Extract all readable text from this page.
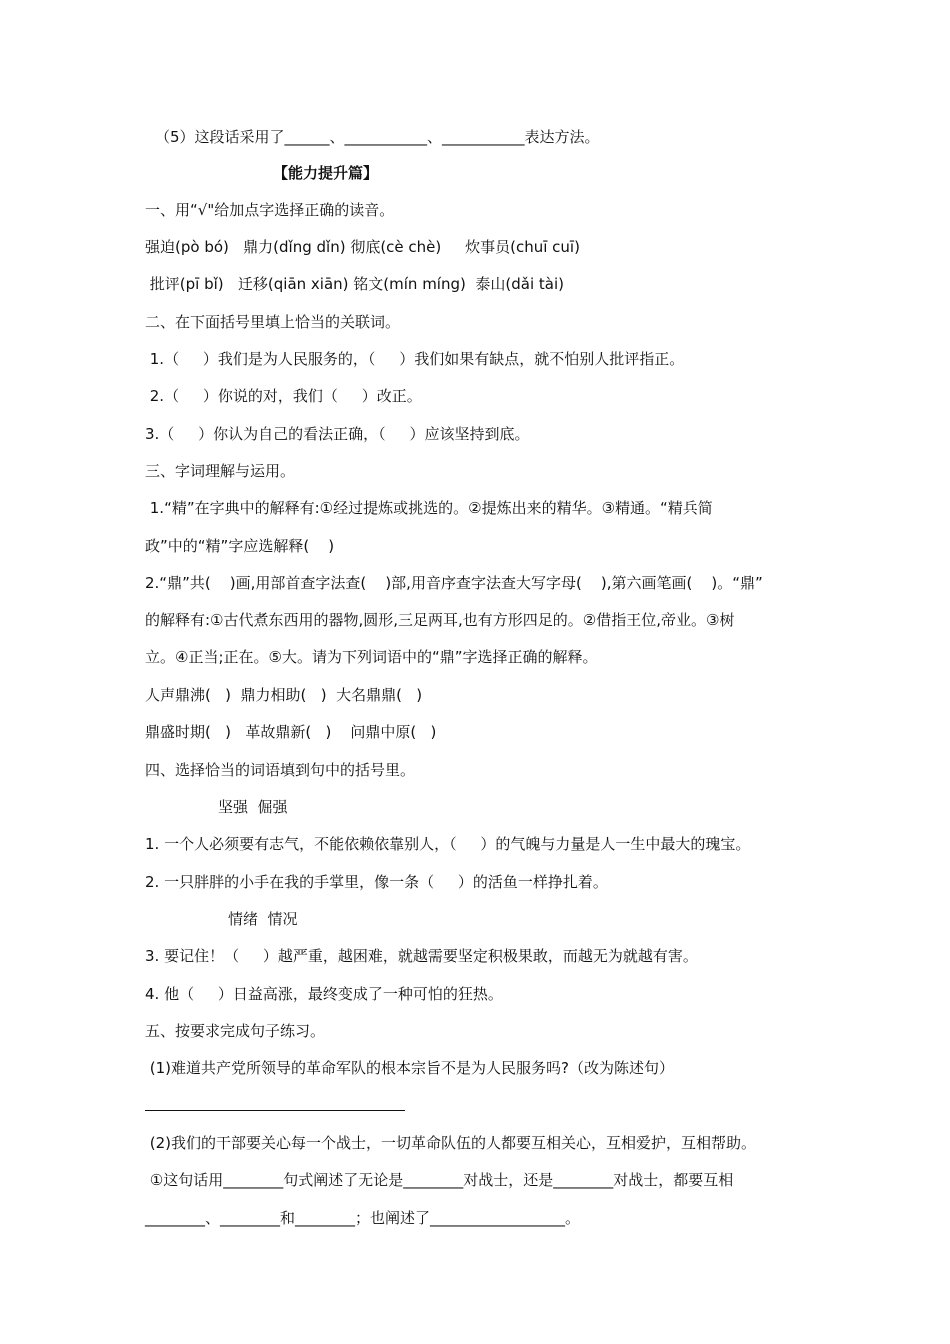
（5）这段话采用了______、___________、___________表达方法。
【能力提升篇】
一、用“√"给加点字选择正确的读音。
强迫(pò bó)   鼎力(dǐng dǐn) 彻底(cè chè)     炊事员(chuī cuī)
批评(pī bǐ)   迁移(qiān xiān) 铭文(mín míng)  泰山(dǎi tài)
二、在下面括号里填上恰当的关联词。
1.（     ）我们是为人民服务的，（     ）我们如果有缺点，就不怕别人批评指正。
2.（     ）你说的对，我们（     ）改正。
3.（     ）你认为自己的看法正确，（     ）应该坚持到底。
三、字词理解与运用。
1.“精”在字典中的解释有:①经过提炼或挑选的。②提炼出来的精华。③精通。“精兵简
政”中的“精”字应选解释(    )
2.“鼎”共(    )画,用部首查字法查(    )部,用音序查字法查大写字母(    ),第六画笔画(    )。“鼎”
的解释有:①古代煮东西用的器物,圆形,三足两耳,也有方形四足的。②借指王位,帝业。③树
立。④正当;正在。⑤大。请为下列词语中的“鼎”字选择正确的解释。
人声鼎沸(   )  鼎力相助(   )  大名鼎鼎(   )
鼎盛时期(   )   革故鼎新(   )    问鼎中原(   )
四、选择恰当的词语填到句中的括号里。
坚强  倔强
1. 一个人必须要有志气，不能依赖依靠别人，（     ）的气魄与力量是人一生中最大的瑰宝。
2. 一只胖胖的小手在我的手掌里，像一条（     ）的活鱼一样挣扎着。
情绪  情况
3. 要记住！（     ）越严重，越困难，就越需要坚定积极果敢，而越无为就越有害。
4. 他（     ）日益高涨，最终变成了一种可怕的狂热。
五、按要求完成句子练习。
(1)难道共产党所领导的革命军队的根本宗旨不是为人民服务吗?（改为陈述句）
(2)我们的干部要关心每一个战士，一切革命队伍的人都要互相关心，互相爱护，互相帮助。
①这句话用________句式阐述了无论是________对战士，还是________对战士，都要互相
________、________和________；也阐述了__________________。
